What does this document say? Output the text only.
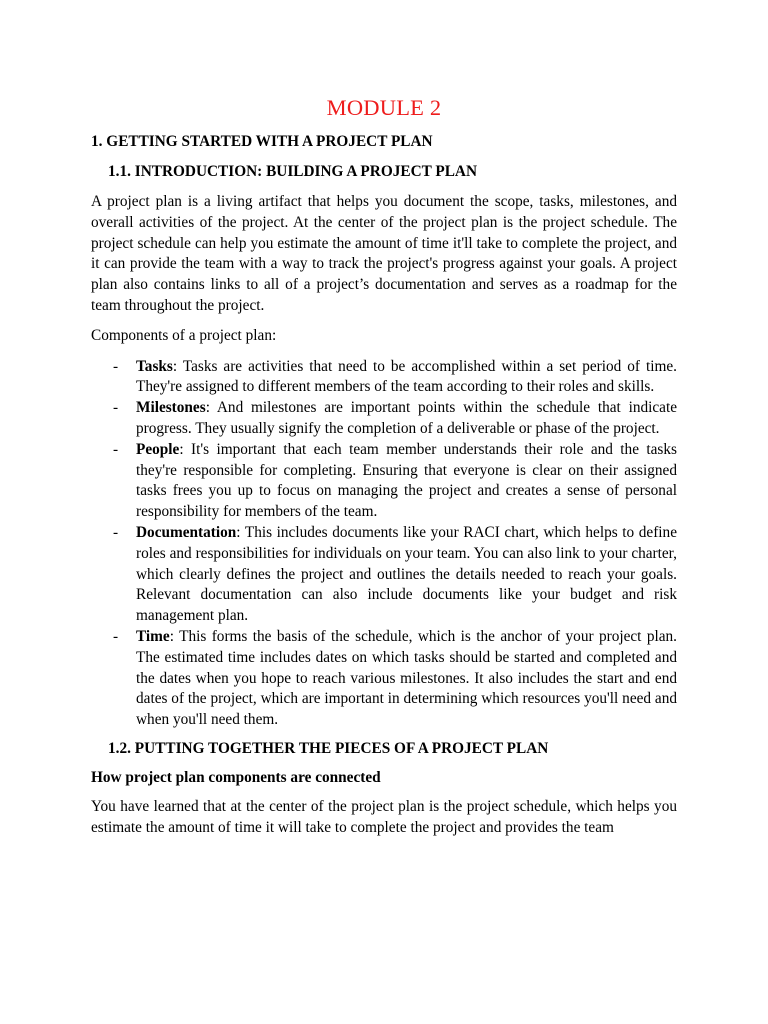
MODULE 2
1. GETTING STARTED WITH A PROJECT PLAN
1.1. INTRODUCTION: BUILDING A PROJECT PLAN

A project plan is a living artifact that helps you document the scope, tasks, milestones, and overall activities of the project. At the center of the project plan is the project schedule. The project schedule can help you estimate the amount of time it'll take to complete the project, and it can provide the team with a way to track the project's progress against your goals. A project plan also contains links to all of a project’s documentation and serves as a roadmap for the team throughout the project.

Components of a project plan:

-	Tasks: Tasks are activities that need to be accomplished within a set period of time. They're assigned to different members of the team according to their roles and skills.
-	Milestones: And milestones are important points within the schedule that indicate progress. They usually signify the completion of a deliverable or phase of the project.
-	People: It's important that each team member understands their role and the tasks they're responsible for completing. Ensuring that everyone is clear on their assigned tasks frees you up to focus on managing the project and creates a sense of personal responsibility for members of the team.
-	Documentation: This includes documents like your RACI chart, which helps to define roles and responsibilities for individuals on your team. You can also link to your charter, which clearly defines the project and outlines the details needed to reach your goals. Relevant documentation can also include documents like your budget and risk management plan.
-	Time: This forms the basis of the schedule, which is the anchor of your project plan. The estimated time includes dates on which tasks should be started and completed and the dates when you hope to reach various milestones. It also includes the start and end dates of the project, which are important in determining which resources you'll need and when you'll need them.
1.2. PUTTING TOGETHER THE PIECES OF A PROJECT PLAN
How project plan components are connected

You have learned that at the center of the project plan is the project schedule, which helps you estimate the amount of time it will take to complete the project and provides the team
